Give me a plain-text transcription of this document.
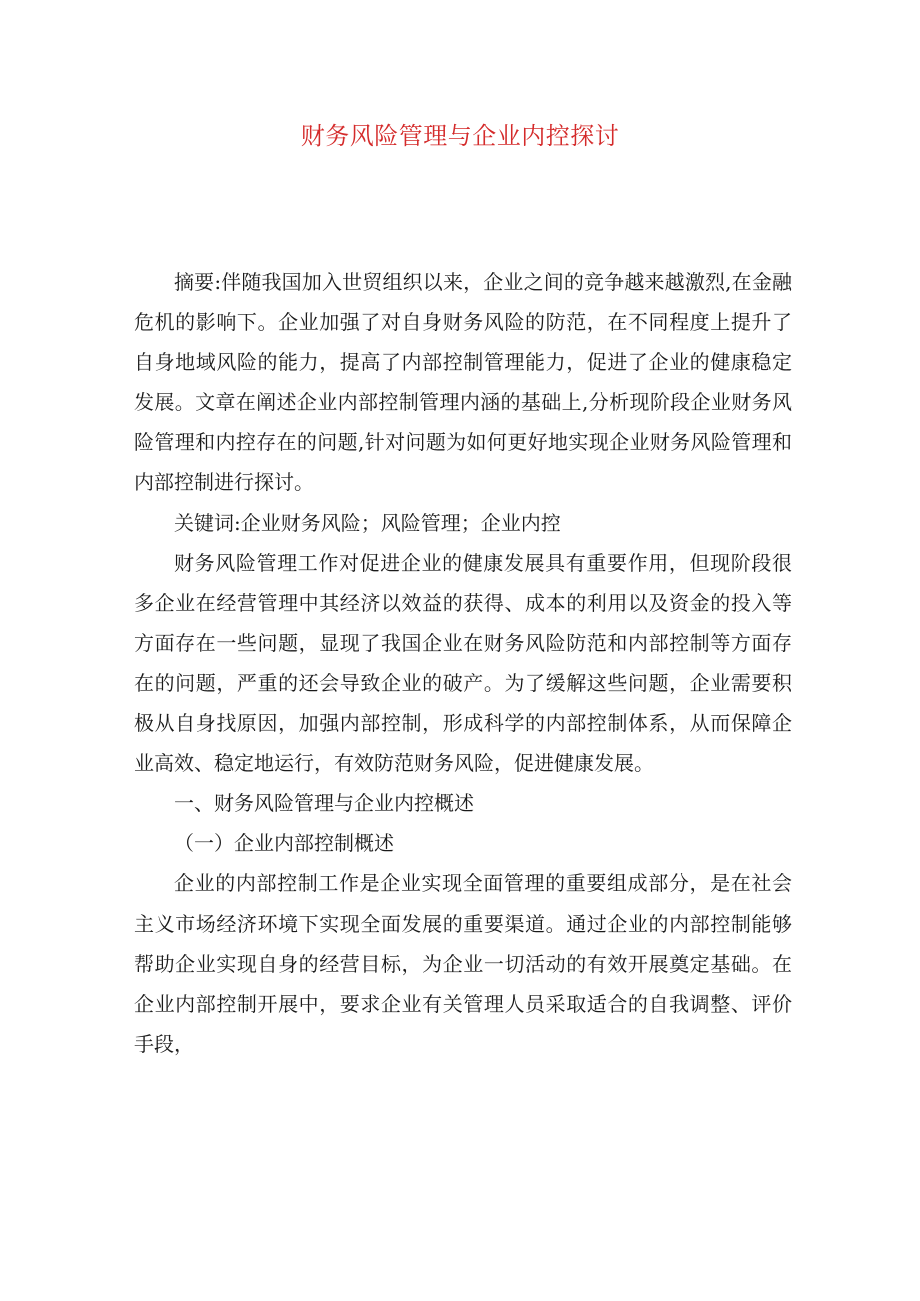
财务风险管理与企业内控探讨

摘要:伴随我国加入世贸组织以来，企业之间的竞争越来越激烈,在金融危机的影响下。企业加强了对自身财务风险的防范，在不同程度上提升了自身地域风险的能力，提高了内部控制管理能力，促进了企业的健康稳定发展。文章在阐述企业内部控制管理内涵的基础上,分析现阶段企业财务风险管理和内控存在的问题,针对问题为如何更好地实现企业财务风险管理和内部控制进行探讨。

关键词:企业财务风险；风险管理；企业内控

财务风险管理工作对促进企业的健康发展具有重要作用，但现阶段很多企业在经营管理中其经济以效益的获得、成本的利用以及资金的投入等方面存在一些问题，显现了我国企业在财务风险防范和内部控制等方面存在的问题，严重的还会导致企业的破产。为了缓解这些问题，企业需要积极从自身找原因，加强内部控制，形成科学的内部控制体系，从而保障企业高效、稳定地运行，有效防范财务风险，促进健康发展。

一、财务风险管理与企业内控概述

（一）企业内部控制概述

企业的内部控制工作是企业实现全面管理的重要组成部分，是在社会主义市场经济环境下实现全面发展的重要渠道。通过企业的内部控制能够帮助企业实现自身的经营目标，为企业一切活动的有效开展奠定基础。在企业内部控制开展中，要求企业有关管理人员采取适合的自我调整、评价手段，
